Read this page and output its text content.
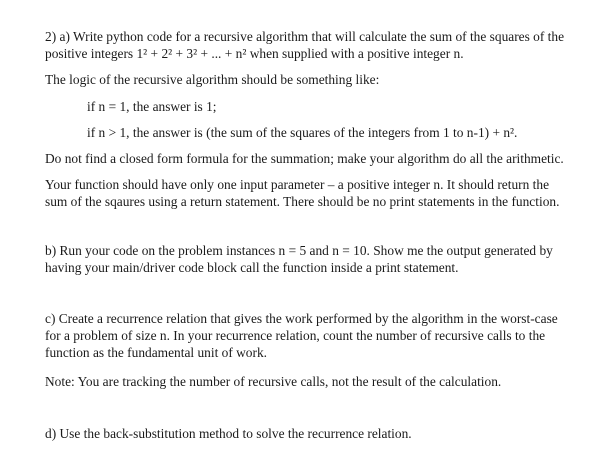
2) a) Write python code for a recursive algorithm that will calculate the sum of the squares of the

positive integers 1² + 2² + 3² + ... + n² when supplied with a positive integer n.

The logic of the recursive algorithm should be something like:

if n = 1, the answer is 1;

if n > 1, the answer is (the sum of the squares of the integers from 1 to n-1) + n².

Do not find a closed form formula for the summation; make your algorithm do all the arithmetic.

Your function should have only one input parameter – a positive integer n. It should return the

sum of the sqaures using a return statement. There should be no print statements in the function.

b) Run your code on the problem instances n = 5 and n = 10. Show me the output generated by

having your main/driver code block call the function inside a print statement.

c) Create a recurrence relation that gives the work performed by the algorithm in the worst-case

for a problem of size n. In your recurrence relation, count the number of recursive calls to the

function as the fundamental unit of work.

Note: You are tracking the number of recursive calls, not the result of the calculation.

d) Use the back-substitution method to solve the recurrence relation.
